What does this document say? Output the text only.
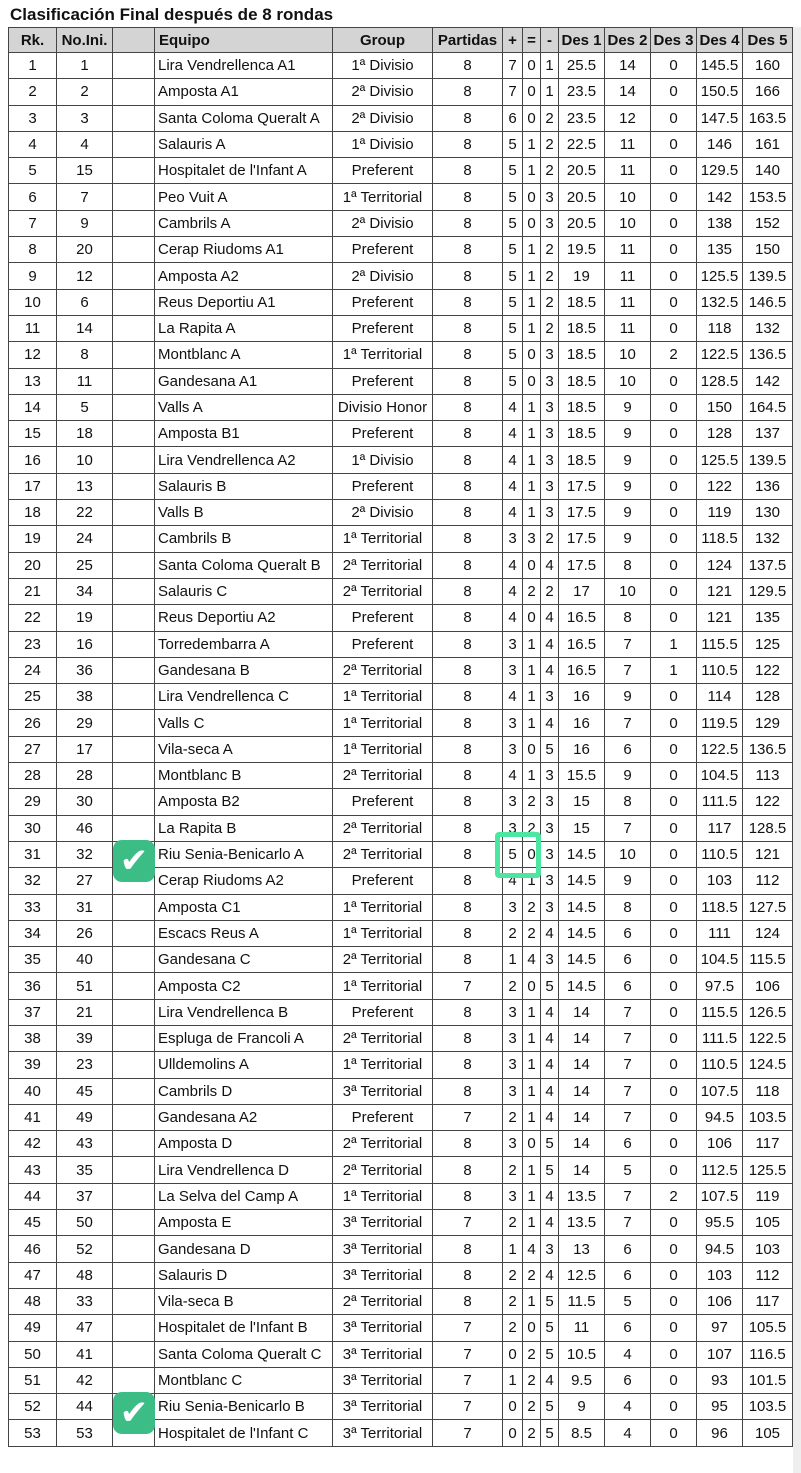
Clasificación Final después de 8 rondas
Rk.	No.Ini.		Equipo	Group	Partidas	+	=	-	Des 1	Des 2	Des 3	Des 4	Des 5
1	1		Lira Vendrellenca A1	1ª Divisio	8	7	0	1	25.5	14	0	145.5	160
2	2		Amposta A1	2ª Divisio	8	7	0	1	23.5	14	0	150.5	166
3	3		Santa Coloma Queralt A	2ª Divisio	8	6	0	2	23.5	12	0	147.5	163.5
4	4		Salauris A	1ª Divisio	8	5	1	2	22.5	11	0	146	161
5	15		Hospitalet de l'Infant A	Preferent	8	5	1	2	20.5	11	0	129.5	140
6	7		Peo Vuit A	1ª Territorial	8	5	0	3	20.5	10	0	142	153.5
7	9		Cambrils A	2ª Divisio	8	5	0	3	20.5	10	0	138	152
8	20		Cerap Riudoms A1	Preferent	8	5	1	2	19.5	11	0	135	150
9	12		Amposta A2	2ª Divisio	8	5	1	2	19	11	0	125.5	139.5
10	6		Reus Deportiu A1	Preferent	8	5	1	2	18.5	11	0	132.5	146.5
11	14		La Rapita A	Preferent	8	5	1	2	18.5	11	0	118	132
12	8		Montblanc A	1ª Territorial	8	5	0	3	18.5	10	2	122.5	136.5
13	11		Gandesana A1	Preferent	8	5	0	3	18.5	10	0	128.5	142
14	5		Valls A	Divisio Honor	8	4	1	3	18.5	9	0	150	164.5
15	18		Amposta B1	Preferent	8	4	1	3	18.5	9	0	128	137
16	10		Lira Vendrellenca A2	1ª Divisio	8	4	1	3	18.5	9	0	125.5	139.5
17	13		Salauris B	Preferent	8	4	1	3	17.5	9	0	122	136
18	22		Valls B	2ª Divisio	8	4	1	3	17.5	9	0	119	130
19	24		Cambrils B	1ª Territorial	8	3	3	2	17.5	9	0	118.5	132
20	25		Santa Coloma Queralt B	2ª Territorial	8	4	0	4	17.5	8	0	124	137.5
21	34		Salauris C	2ª Territorial	8	4	2	2	17	10	0	121	129.5
22	19		Reus Deportiu A2	Preferent	8	4	0	4	16.5	8	0	121	135
23	16		Torredembarra A	Preferent	8	3	1	4	16.5	7	1	115.5	125
24	36		Gandesana B	2ª Territorial	8	3	1	4	16.5	7	1	110.5	122
25	38		Lira Vendrellenca C	1ª Territorial	8	4	1	3	16	9	0	114	128
26	29		Valls C	1ª Territorial	8	3	1	4	16	7	0	119.5	129
27	17		Vila-seca A	1ª Territorial	8	3	0	5	16	6	0	122.5	136.5
28	28		Montblanc B	2ª Territorial	8	4	1	3	15.5	9	0	104.5	113
29	30		Amposta B2	Preferent	8	3	2	3	15	8	0	111.5	122
30	46		La Rapita B	2ª Territorial	8	3	2	3	15	7	0	117	128.5
31	32	✔	Riu Senia-Benicarlo A	2ª Territorial	8	5	0	3	14.5	10	0	110.5	121
32	27		Cerap Riudoms A2	Preferent	8	4	1	3	14.5	9	0	103	112
33	31		Amposta C1	1ª Territorial	8	3	2	3	14.5	8	0	118.5	127.5
34	26		Escacs Reus A	1ª Territorial	8	2	2	4	14.5	6	0	111	124
35	40		Gandesana C	2ª Territorial	8	1	4	3	14.5	6	0	104.5	115.5
36	51		Amposta C2	1ª Territorial	7	2	0	5	14.5	6	0	97.5	106
37	21		Lira Vendrellenca B	Preferent	8	3	1	4	14	7	0	115.5	126.5
38	39		Espluga de Francoli A	2ª Territorial	8	3	1	4	14	7	0	111.5	122.5
39	23		Ulldemolins A	1ª Territorial	8	3	1	4	14	7	0	110.5	124.5
40	45		Cambrils D	3ª Territorial	8	3	1	4	14	7	0	107.5	118
41	49		Gandesana A2	Preferent	7	2	1	4	14	7	0	94.5	103.5
42	43		Amposta D	2ª Territorial	8	3	0	5	14	6	0	106	117
43	35		Lira Vendrellenca D	2ª Territorial	8	2	1	5	14	5	0	112.5	125.5
44	37		La Selva del Camp A	1ª Territorial	8	3	1	4	13.5	7	2	107.5	119
45	50		Amposta E	3ª Territorial	7	2	1	4	13.5	7	0	95.5	105
46	52		Gandesana D	3ª Territorial	8	1	4	3	13	6	0	94.5	103
47	48		Salauris D	3ª Territorial	8	2	2	4	12.5	6	0	103	112
48	33		Vila-seca B	2ª Territorial	8	2	1	5	11.5	5	0	106	117
49	47		Hospitalet de l'Infant B	3ª Territorial	7	2	0	5	11	6	0	97	105.5
50	41		Santa Coloma Queralt C	3ª Territorial	7	0	2	5	10.5	4	0	107	116.5
51	42		Montblanc C	3ª Territorial	7	1	2	4	9.5	6	0	93	101.5
52	44	✔	Riu Senia-Benicarlo B	3ª Territorial	7	0	2	5	9	4	0	95	103.5
53	53		Hospitalet de l'Infant C	3ª Territorial	7	0	2	5	8.5	4	0	96	105
